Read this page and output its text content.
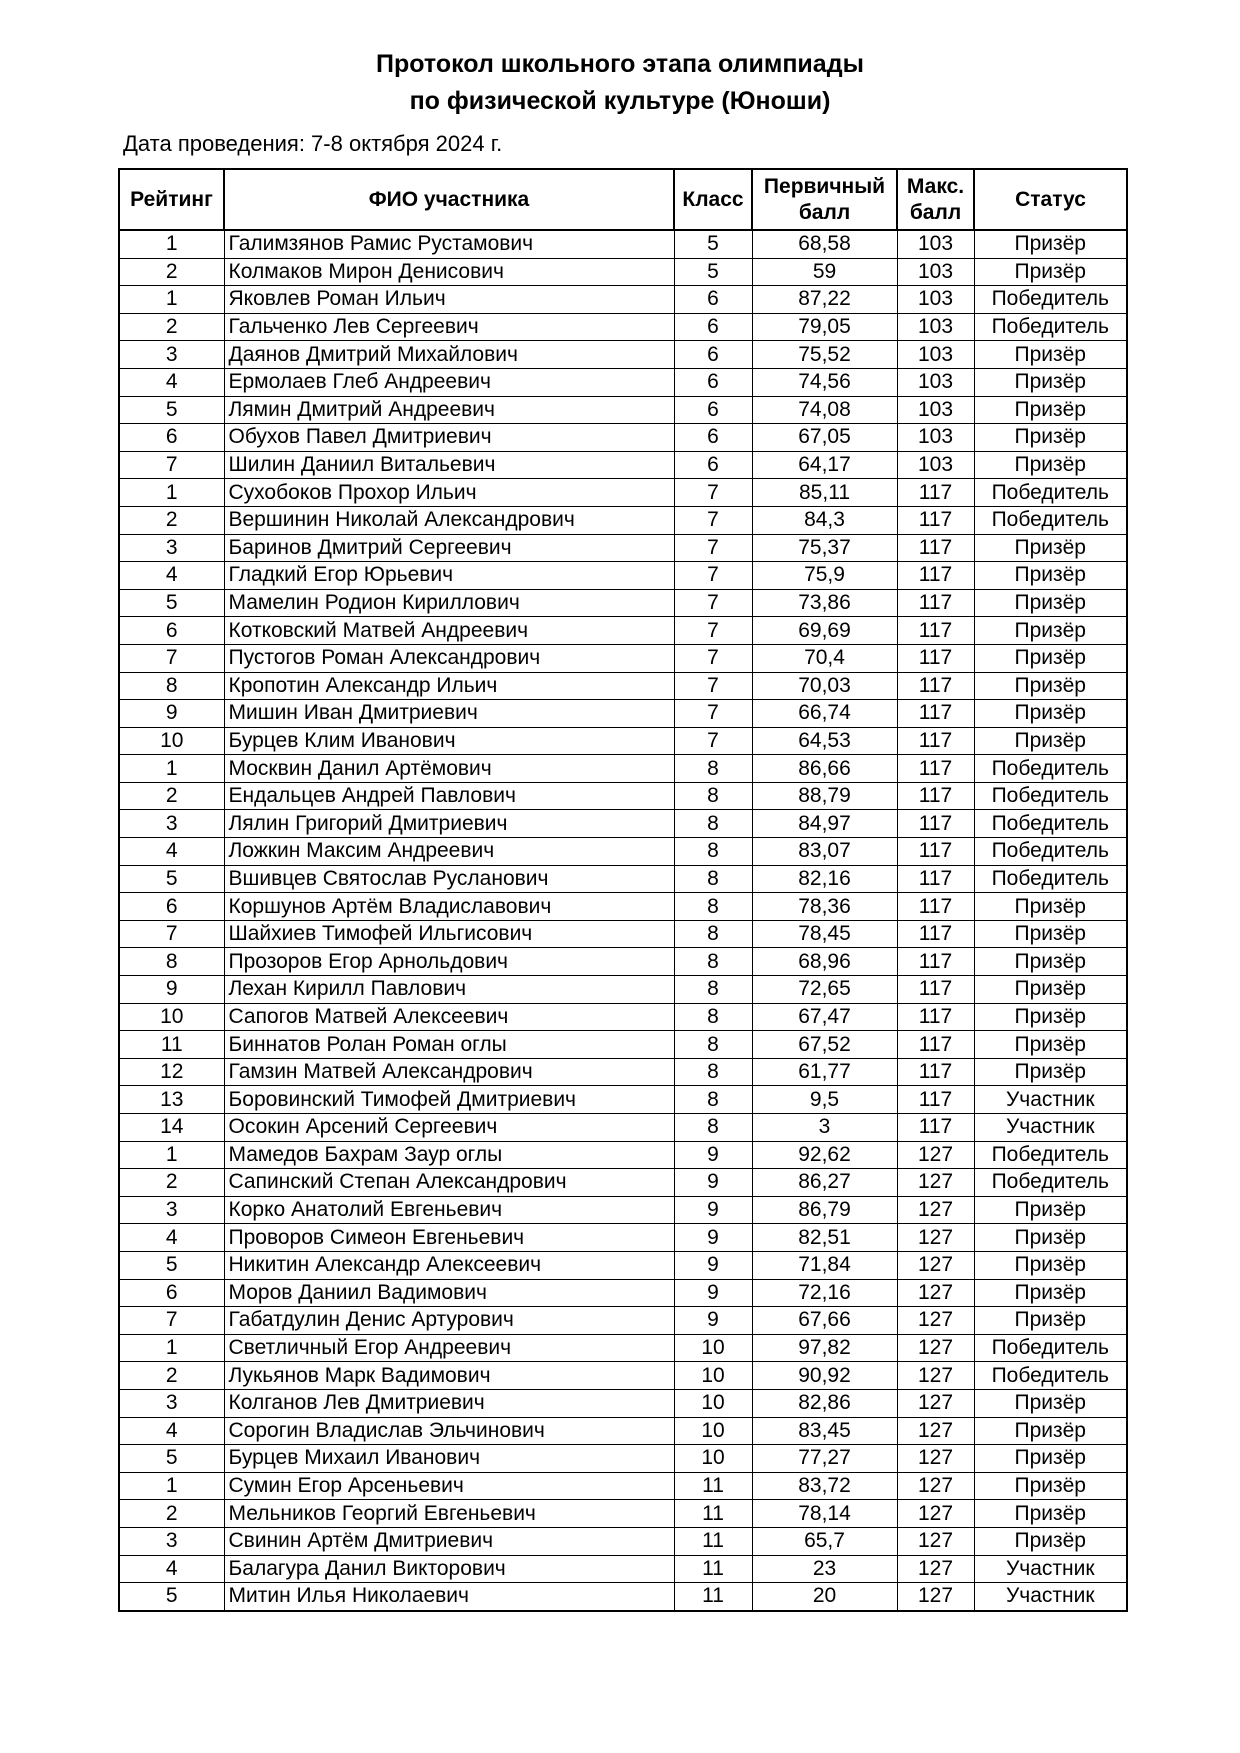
Протокол школьного этапа олимпиады
по физической культуре (Юноши)
Дата проведения: 7-8 октября 2024 г.
Рейтинг	ФИО участника	Класс	Первичный балл	Макс. балл	Статус
1	Галимзянов Рамис Рустамович	5	68,58	103	Призёр
2	Колмаков Мирон Денисович	5	59	103	Призёр
1	Яковлев Роман Ильич	6	87,22	103	Победитель
2	Гальченко Лев Сергеевич	6	79,05	103	Победитель
3	Даянов Дмитрий Михайлович	6	75,52	103	Призёр
4	Ермолаев Глеб Андреевич	6	74,56	103	Призёр
5	Лямин Дмитрий Андреевич	6	74,08	103	Призёр
6	Обухов Павел Дмитриевич	6	67,05	103	Призёр
7	Шилин Даниил Витальевич	6	64,17	103	Призёр
1	Сухобоков Прохор Ильич	7	85,11	117	Победитель
2	Вершинин Николай Александрович	7	84,3	117	Победитель
3	Баринов Дмитрий Сергеевич	7	75,37	117	Призёр
4	Гладкий Егор Юрьевич	7	75,9	117	Призёр
5	Мамелин Родион Кириллович	7	73,86	117	Призёр
6	Котковский Матвей Андреевич	7	69,69	117	Призёр
7	Пустогов Роман Александрович	7	70,4	117	Призёр
8	Кропотин Александр Ильич	7	70,03	117	Призёр
9	Мишин Иван Дмитриевич	7	66,74	117	Призёр
10	Бурцев Клим Иванович	7	64,53	117	Призёр
1	Москвин Данил Артёмович	8	86,66	117	Победитель
2	Ендальцев Андрей Павлович	8	88,79	117	Победитель
3	Лялин Григорий Дмитриевич	8	84,97	117	Победитель
4	Ложкин Максим Андреевич	8	83,07	117	Победитель
5	Вшивцев Святослав Русланович	8	82,16	117	Победитель
6	Коршунов Артём Владиславович	8	78,36	117	Призёр
7	Шайхиев Тимофей Ильгисович	8	78,45	117	Призёр
8	Прозоров Егор Арнольдович	8	68,96	117	Призёр
9	Лехан Кирилл Павлович	8	72,65	117	Призёр
10	Сапогов Матвей Алексеевич	8	67,47	117	Призёр
11	Биннатов Ролан Роман оглы	8	67,52	117	Призёр
12	Гамзин Матвей Александрович	8	61,77	117	Призёр
13	Боровинский Тимофей Дмитриевич	8	9,5	117	Участник
14	Осокин Арсений Сергеевич	8	3	117	Участник
1	Мамедов Бахрам Заур оглы	9	92,62	127	Победитель
2	Сапинский Степан Александрович	9	86,27	127	Победитель
3	Корко Анатолий Евгеньевич	9	86,79	127	Призёр
4	Проворов Симеон Евгеньевич	9	82,51	127	Призёр
5	Никитин Александр Алексеевич	9	71,84	127	Призёр
6	Моров Даниил Вадимович	9	72,16	127	Призёр
7	Габатдулин Денис Артурович	9	67,66	127	Призёр
1	Светличный Егор Андреевич	10	97,82	127	Победитель
2	Лукьянов Марк Вадимович	10	90,92	127	Победитель
3	Колганов Лев Дмитриевич	10	82,86	127	Призёр
4	Сорогин Владислав Эльчинович	10	83,45	127	Призёр
5	Бурцев Михаил Иванович	10	77,27	127	Призёр
1	Сумин Егор Арсеньевич	11	83,72	127	Призёр
2	Мельников Георгий Евгеньевич	11	78,14	127	Призёр
3	Свинин Артём Дмитриевич	11	65,7	127	Призёр
4	Балагура Данил Викторович	11	23	127	Участник
5	Митин Илья Николаевич	11	20	127	Участник
